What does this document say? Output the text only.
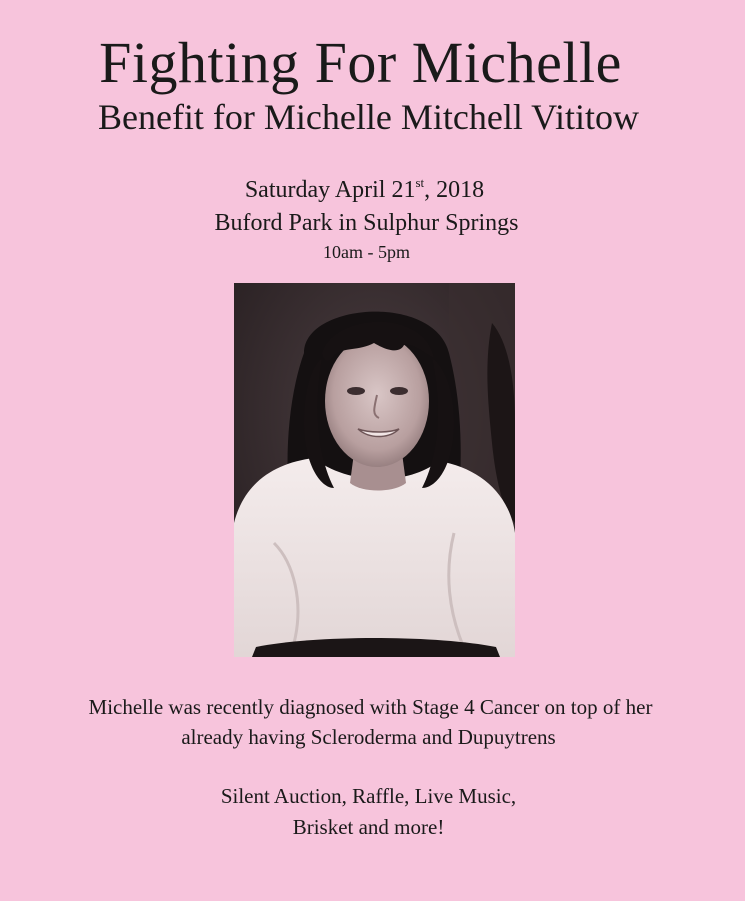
Fighting For Michelle
Benefit for Michelle Mitchell Vititow
Saturday April 21st, 2018
Buford Park in Sulphur Springs
10am - 5pm
Michelle was recently diagnosed with Stage 4 Cancer on top of her
already having Scleroderma and Dupuytrens
Silent Auction, Raffle, Live Music,
Brisket and more!
